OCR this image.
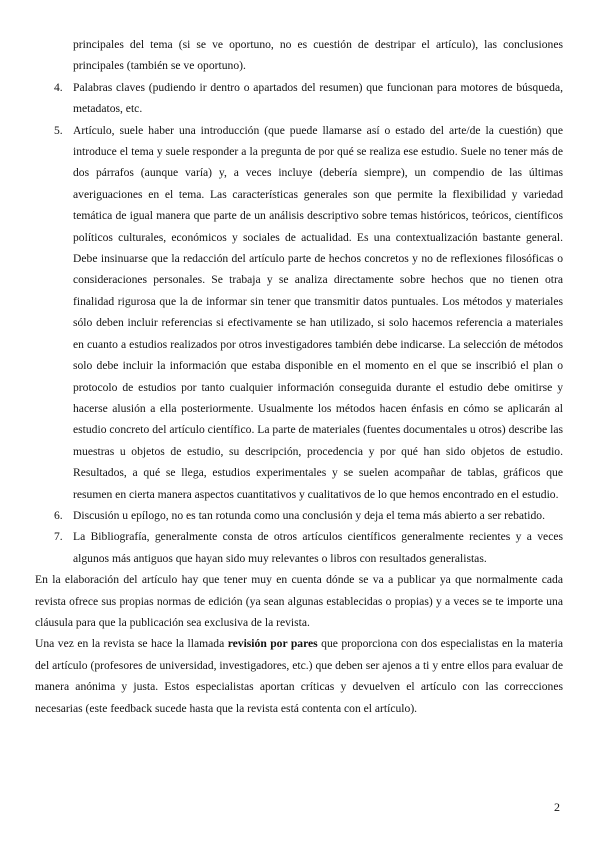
principales del tema (si se ve oportuno, no es cuestión de destripar el artículo), las conclusiones principales (también se ve oportuno).
4. Palabras claves (pudiendo ir dentro o apartados del resumen) que funcionan para motores de búsqueda, metadatos, etc.
5. Artículo, suele haber una introducción (que puede llamarse así o estado del arte/de la cuestión) que introduce el tema y suele responder a la pregunta de por qué se realiza ese estudio. Suele no tener más de dos párrafos (aunque varía) y, a veces incluye (debería siempre), un compendio de las últimas averiguaciones en el tema. Las características generales son que permite la flexibilidad y variedad temática de igual manera que parte de un análisis descriptivo sobre temas históricos, teóricos, científicos políticos culturales, económicos y sociales de actualidad. Es una contextualización bastante general. Debe insinuarse que la redacción del artículo parte de hechos concretos y no de reflexiones filosóficas o consideraciones personales. Se trabaja y se analiza directamente sobre hechos que no tienen otra finalidad rigurosa que la de informar sin tener que transmitir datos puntuales. Los métodos y materiales sólo deben incluir referencias si efectivamente se han utilizado, si solo hacemos referencia a materiales en cuanto a estudios realizados por otros investigadores también debe indicarse. La selección de métodos solo debe incluir la información que estaba disponible en el momento en el que se inscribió el plan o protocolo de estudios por tanto cualquier información conseguida durante el estudio debe omitirse y hacerse alusión a ella posteriormente. Usualmente los métodos hacen énfasis en cómo se aplicarán al estudio concreto del artículo científico. La parte de materiales (fuentes documentales u otros) describe las muestras u objetos de estudio, su descripción, procedencia y por qué han sido objetos de estudio. Resultados, a qué se llega, estudios experimentales y se suelen acompañar de tablas, gráficos que resumen en cierta manera aspectos cuantitativos y cualitativos de lo que hemos encontrado en el estudio.
6. Discusión u epílogo, no es tan rotunda como una conclusión y deja el tema más abierto a ser rebatido.
7. La Bibliografía, generalmente consta de otros artículos científicos generalmente recientes y a veces algunos más antiguos que hayan sido muy relevantes o libros con resultados generalistas.

En la elaboración del artículo hay que tener muy en cuenta dónde se va a publicar ya que normalmente cada revista ofrece sus propias normas de edición (ya sean algunas establecidas o propias) y a veces se te importe una cláusula para que la publicación sea exclusiva de la revista.

Una vez en la revista se hace la llamada revisión por pares que proporciona con dos especialistas en la materia del artículo (profesores de universidad, investigadores, etc.) que deben ser ajenos a ti y entre ellos para evaluar de manera anónima y justa. Estos especialistas aportan críticas y devuelven el artículo con las correcciones necesarias (este feedback sucede hasta que la revista está contenta con el artículo).

2
